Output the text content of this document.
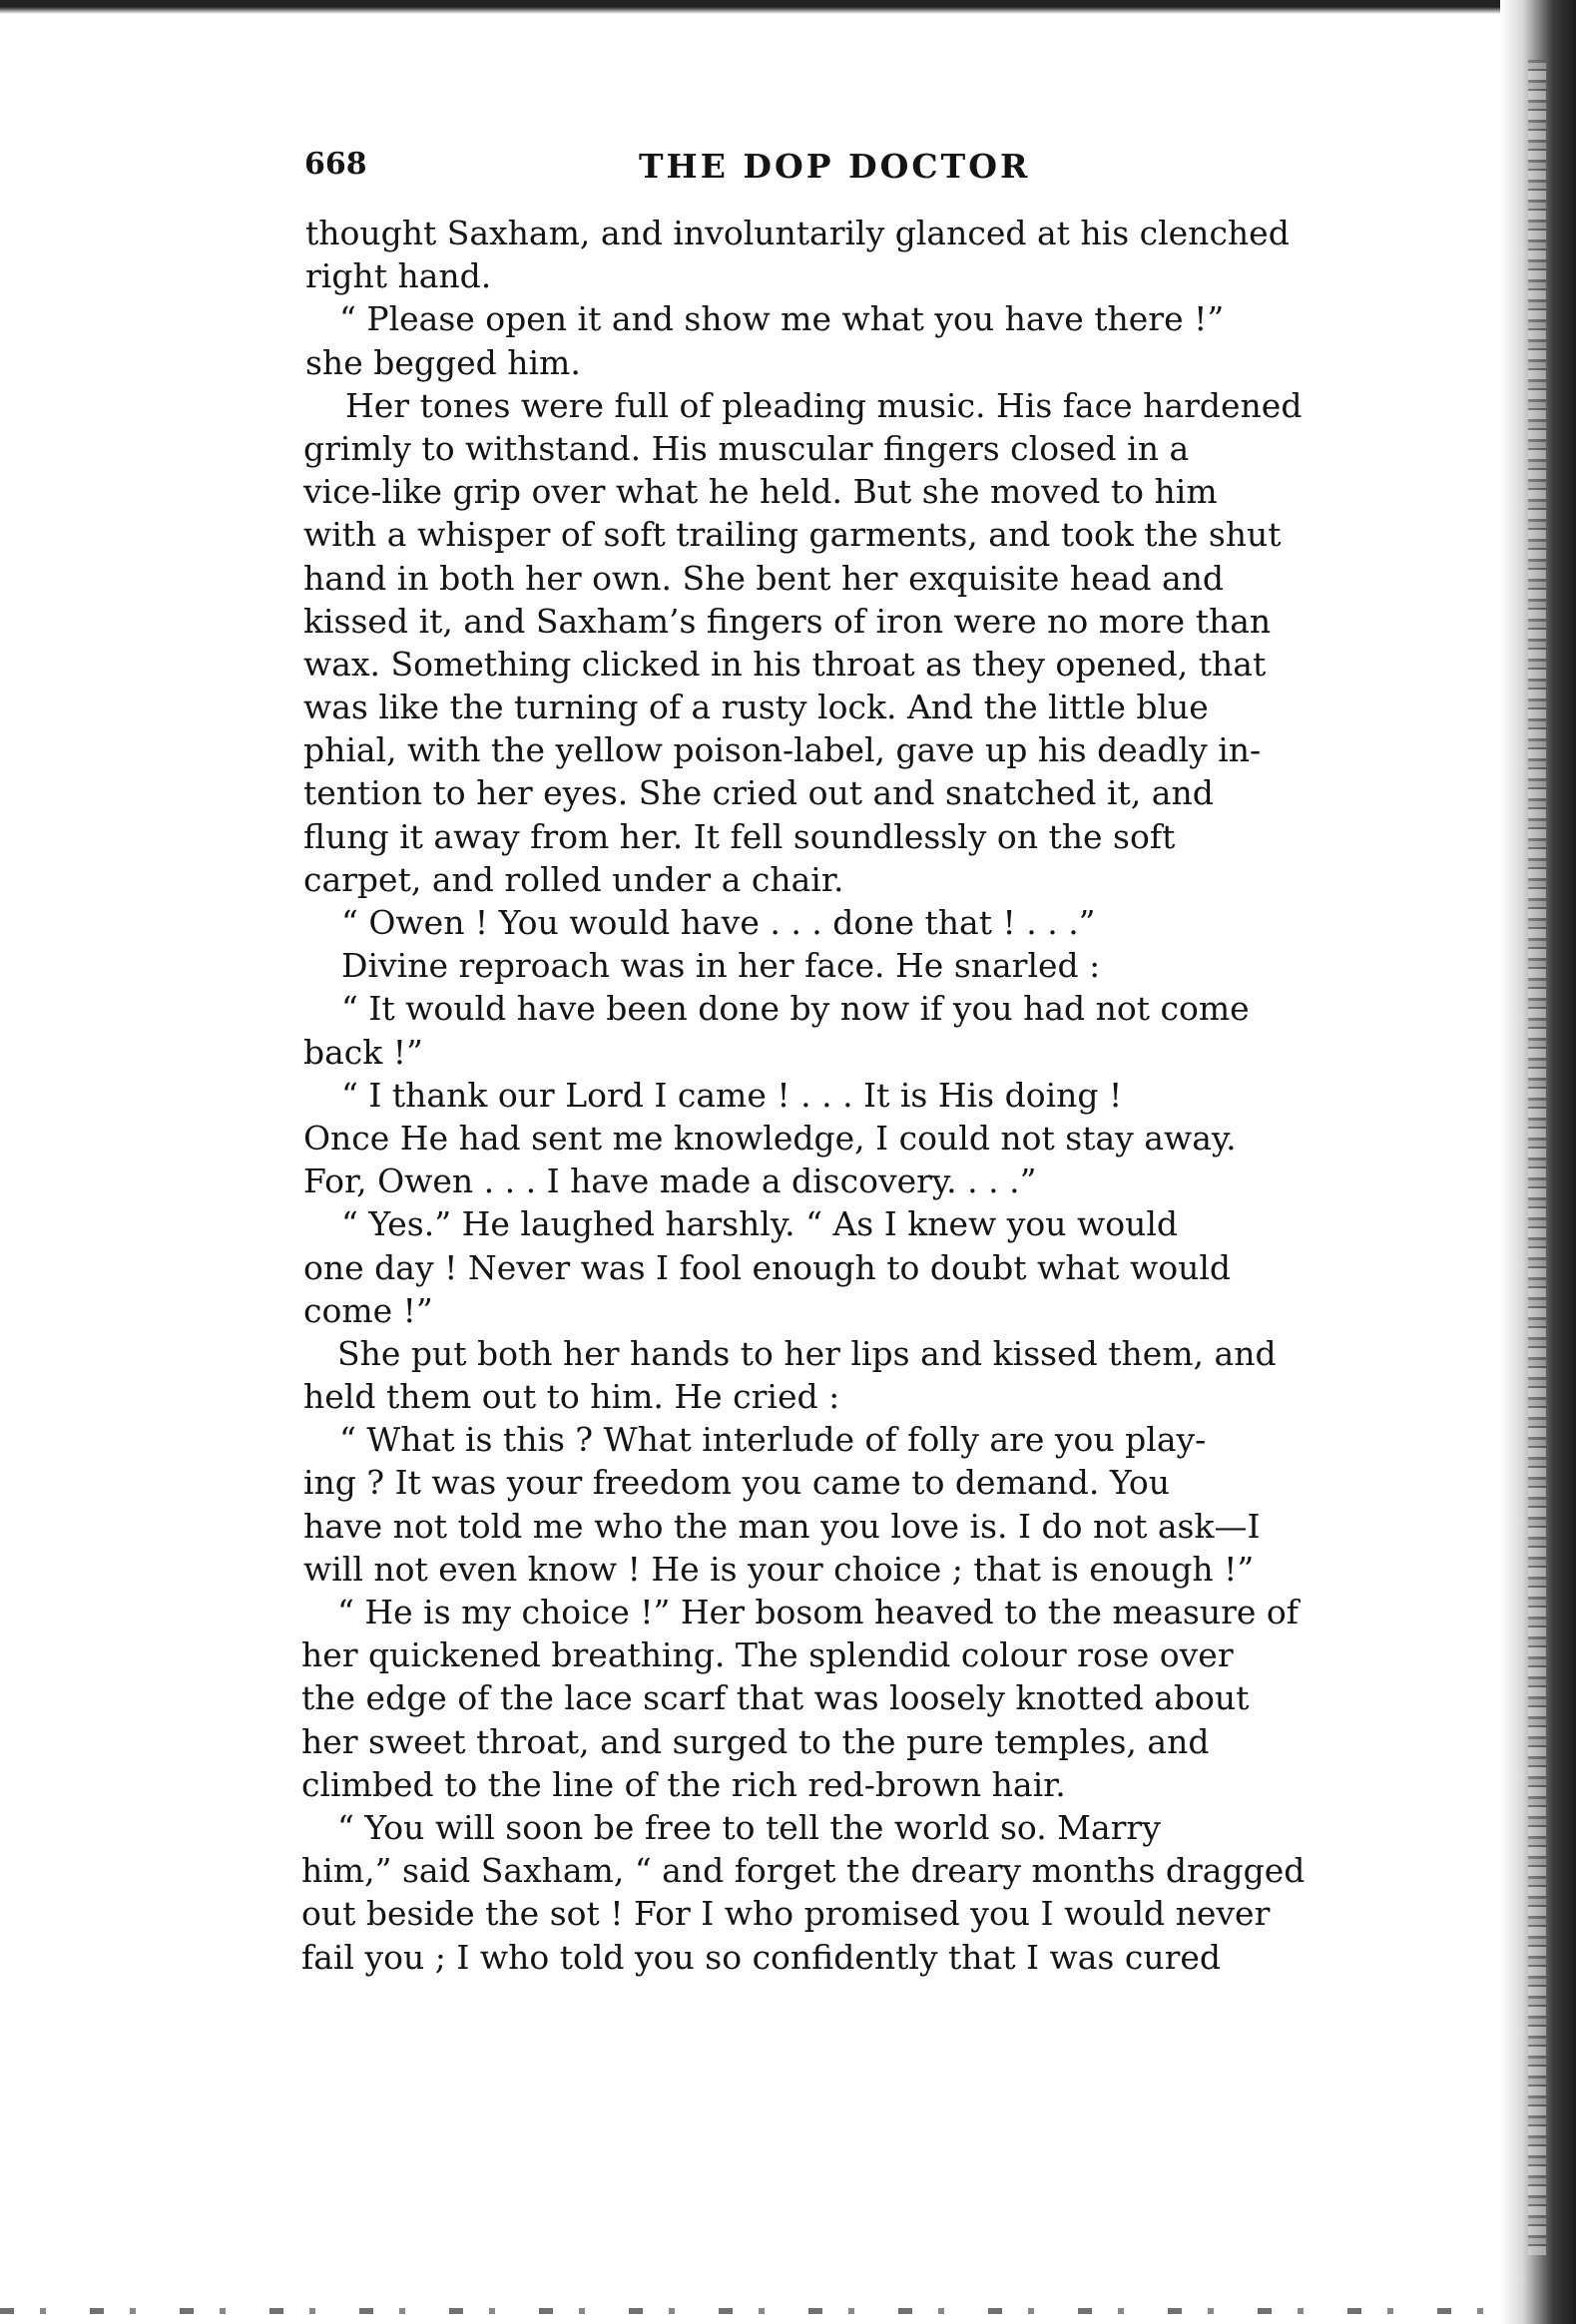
668	THE DOP DOCTOR
thought Saxham, and involuntarily glanced at his clenched
right hand.
“ Please open it and show me what you have there !”
she begged him.
Her tones were full of pleading music. His face hardened
grimly to withstand. His muscular fingers closed in a
vice-like grip over what he held. But she moved to him
with a whisper of soft trailing garments, and took the shut
hand in both her own. She bent her exquisite head and
kissed it, and Saxham’s fingers of iron were no more than
wax. Something clicked in his throat as they opened, that
was like the turning of a rusty lock. And the little blue
phial, with the yellow poison-label, gave up his deadly in-
tention to her eyes. She cried out and snatched it, and
flung it away from her. It fell soundlessly on the soft
carpet, and rolled under a chair.
“ Owen ! You would have . . . done that ! . . .”
Divine reproach was in her face. He snarled :
“ It would have been done by now if you had not come
back !”
“ I thank our Lord I came ! . . . It is His doing !
Once He had sent me knowledge, I could not stay away.
For, Owen . . . I have made a discovery. . . .”
“ Yes.” He laughed harshly. “ As I knew you would
one day ! Never was I fool enough to doubt what would
come !”
She put both her hands to her lips and kissed them, and
held them out to him. He cried :
“ What is this ? What interlude of folly are you play-
ing ? It was your freedom you came to demand. You
have not told me who the man you love is. I do not ask—I
will not even know ! He is your choice ; that is enough !”
“ He is my choice !” Her bosom heaved to the measure of
her quickened breathing. The splendid colour rose over
the edge of the lace scarf that was loosely knotted about
her sweet throat, and surged to the pure temples, and
climbed to the line of the rich red-brown hair.
“ You will soon be free to tell the world so. Marry
him,” said Saxham, “ and forget the dreary months dragged
out beside the sot ! For I who promised you I would never
fail you ; I who told you so confidently that I was cured
